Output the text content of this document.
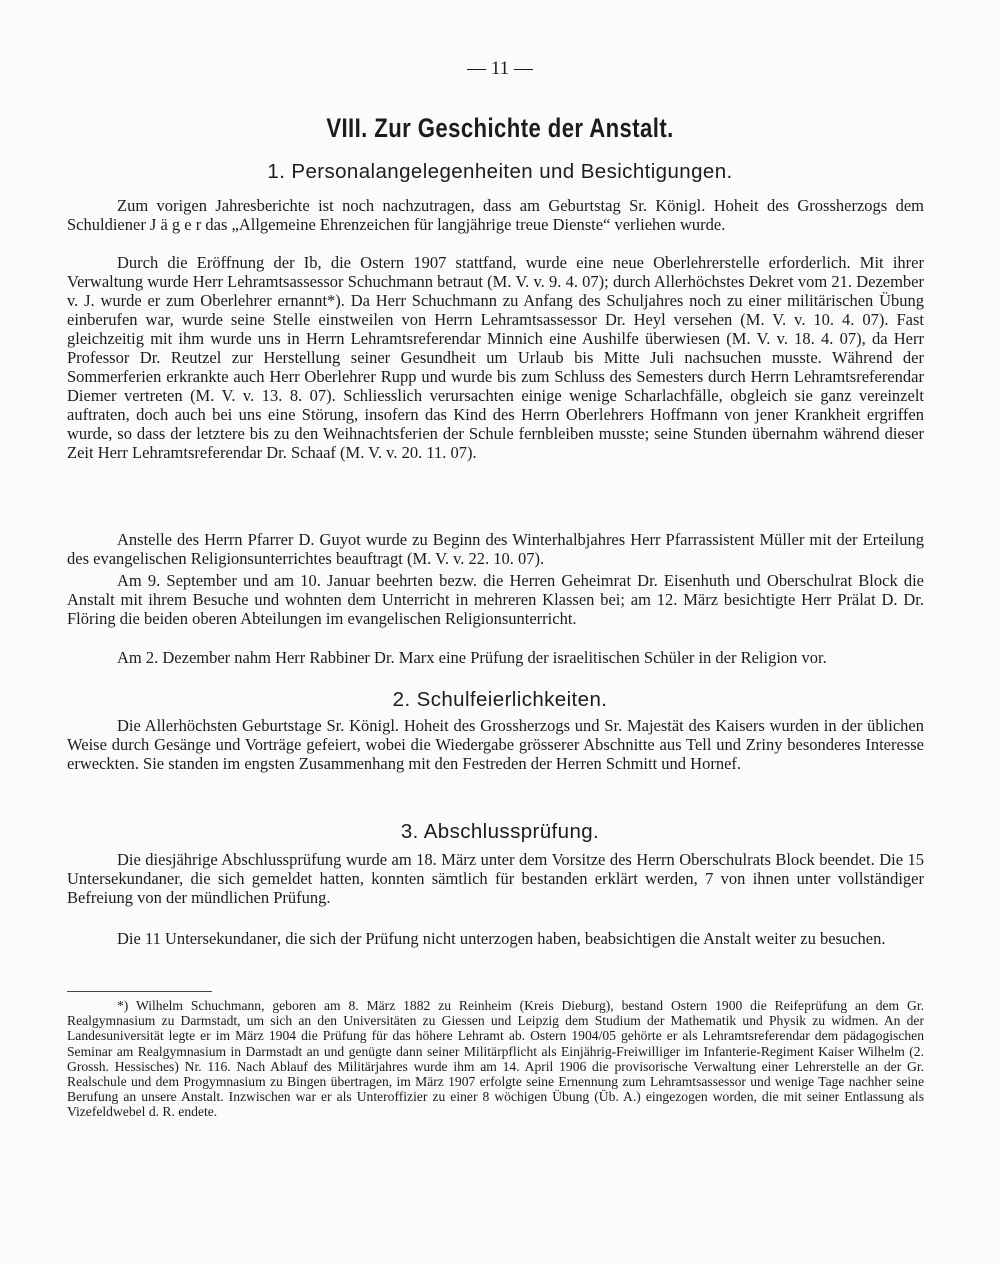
— 11 —
VIII. Zur Geschichte der Anstalt.
1. Personalangelegenheiten und Besichtigungen.

Zum vorigen Jahresberichte ist noch nachzutragen, dass am Geburtstag Sr. Königl. Hoheit des Grossherzogs dem Schuldiener J ä g e r das „Allgemeine Ehrenzeichen für langjährige treue Dienste“ verliehen wurde.

Durch die Eröffnung der Ib, die Ostern 1907 stattfand, wurde eine neue Oberlehrerstelle erforderlich. Mit ihrer Verwaltung wurde Herr Lehramtsassessor Schuchmann betraut (M. V. v. 9. 4. 07); durch Allerhöchstes Dekret vom 21. Dezember v. J. wurde er zum Oberlehrer ernannt*). Da Herr Schuchmann zu Anfang des Schuljahres noch zu einer militärischen Übung einberufen war, wurde seine Stelle einstweilen von Herrn Lehramtsassessor Dr. Heyl versehen (M. V. v. 10. 4. 07). Fast gleichzeitig mit ihm wurde uns in Herrn Lehramtsreferendar Minnich eine Aushilfe überwiesen (M. V. v. 18. 4. 07), da Herr Professor Dr. Reutzel zur Herstellung seiner Gesundheit um Urlaub bis Mitte Juli nachsuchen musste. Während der Sommerferien erkrankte auch Herr Oberlehrer Rupp und wurde bis zum Schluss des Semesters durch Herrn Lehramtsreferendar Diemer vertreten (M. V. v. 13. 8. 07). Schliesslich verursachten einige wenige Scharlachfälle, obgleich sie ganz vereinzelt auftraten, doch auch bei uns eine Störung, insofern das Kind des Herrn Oberlehrers Hoffmann von jener Krankheit ergriffen wurde, so dass der letztere bis zu den Weihnachtsferien der Schule fernbleiben musste; seine Stunden übernahm während dieser Zeit Herr Lehramtsreferendar Dr. Schaaf (M. V. v. 20. 11. 07).

Anstelle des Herrn Pfarrer D. Guyot wurde zu Beginn des Winterhalbjahres Herr Pfarrassistent Müller mit der Erteilung des evangelischen Religionsunterrichtes beauftragt (M. V. v. 22. 10. 07).

Am 9. September und am 10. Januar beehrten bezw. die Herren Geheimrat Dr. Eisenhuth und Oberschulrat Block die Anstalt mit ihrem Besuche und wohnten dem Unterricht in mehreren Klassen bei; am 12. März besichtigte Herr Prälat D. Dr. Flöring die beiden oberen Abteilungen im evangelischen Religionsunterricht.

Am 2. Dezember nahm Herr Rabbiner Dr. Marx eine Prüfung der israelitischen Schüler in der Religion vor.

2. Schulfeierlichkeiten.

Die Allerhöchsten Geburtstage Sr. Königl. Hoheit des Grossherzogs und Sr. Majestät des Kaisers wurden in der üblichen Weise durch Gesänge und Vorträge gefeiert, wobei die Wiedergabe grösserer Abschnitte aus Tell und Zriny besonderes Interesse erweckten. Sie standen im engsten Zusammenhang mit den Festreden der Herren Schmitt und Hornef.

3. Abschlussprüfung.

Die diesjährige Abschlussprüfung wurde am 18. März unter dem Vorsitze des Herrn Oberschulrats Block beendet. Die 15 Untersekundaner, die sich gemeldet hatten, konnten sämtlich für bestanden erklärt werden, 7 von ihnen unter vollständiger Befreiung von der mündlichen Prüfung.

Die 11 Untersekundaner, die sich der Prüfung nicht unterzogen haben, beabsichtigen die Anstalt weiter zu besuchen.

*) Wilhelm Schuchmann, geboren am 8. März 1882 zu Reinheim (Kreis Dieburg), bestand Ostern 1900 die Reifeprüfung an dem Gr. Realgymnasium zu Darmstadt, um sich an den Universitäten zu Giessen und Leipzig dem Studium der Mathematik und Physik zu widmen. An der Landesuniversität legte er im März 1904 die Prüfung für das höhere Lehramt ab. Ostern 1904/05 gehörte er als Lehramtsreferendar dem pädagogischen Seminar am Realgymnasium in Darmstadt an und genügte dann seiner Militärpflicht als Einjährig-Freiwilliger im Infanterie-Regiment Kaiser Wilhelm (2. Grossh. Hessisches) Nr. 116. Nach Ablauf des Militärjahres wurde ihm am 14. April 1906 die provisorische Verwaltung einer Lehrerstelle an der Gr. Realschule und dem Progymnasium zu Bingen übertragen, im März 1907 erfolgte seine Ernennung zum Lehramtsassessor und wenige Tage nachher seine Berufung an unsere Anstalt. Inzwischen war er als Unteroffizier zu einer 8 wöchigen Übung (Üb. A.) eingezogen worden, die mit seiner Entlassung als Vizefeldwebel d. R. endete.
